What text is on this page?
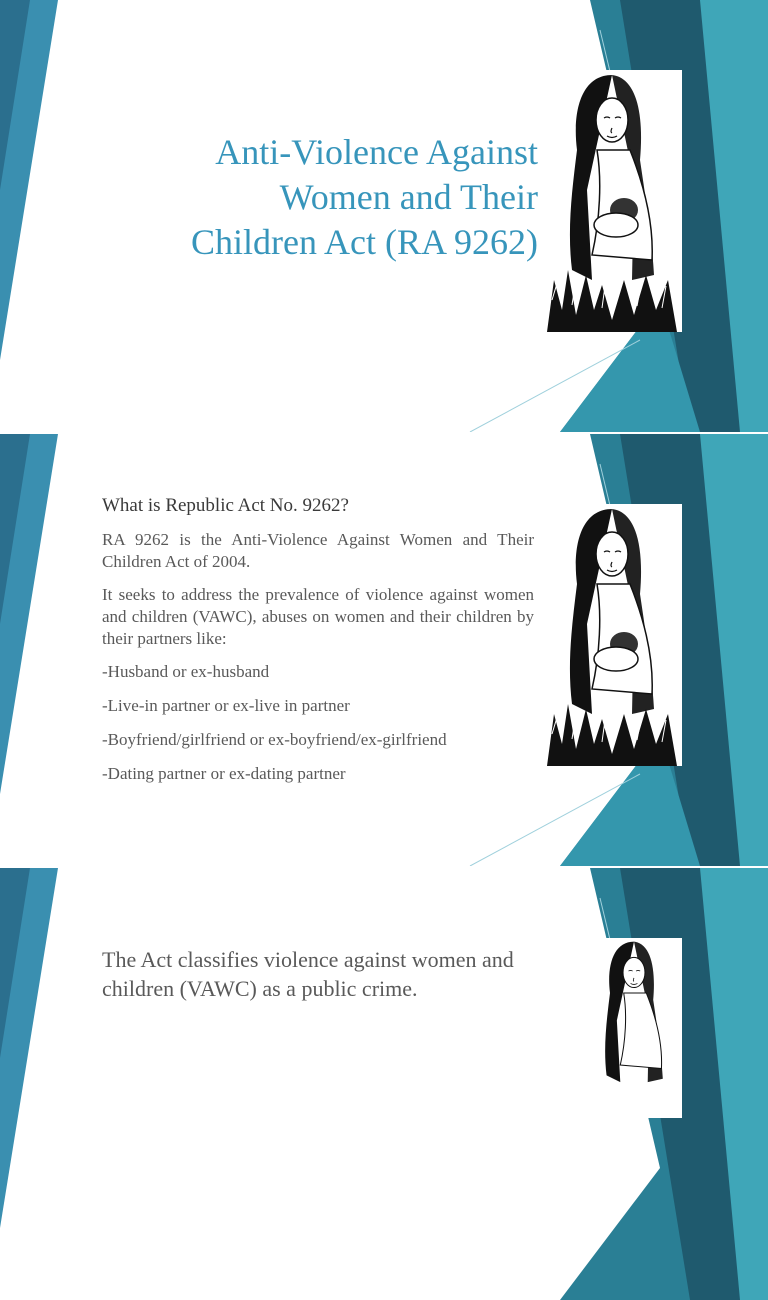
Anti-Violence Against
Women and Their
Children Act (RA 9262)
What is Republic Act No. 9262?

RA 9262 is the Anti-Violence Against Women and Their Children Act of 2004.

It seeks to address the prevalence of violence against women and children (VAWC), abuses on women and their children by their partners like:

-Husband or ex-husband

-Live-in partner or ex-live in partner

-Boyfriend/girlfriend or ex-boyfriend/ex-girlfriend

-Dating partner or ex-dating partner

The Act classifies violence against women and children (VAWC) as a public crime.
